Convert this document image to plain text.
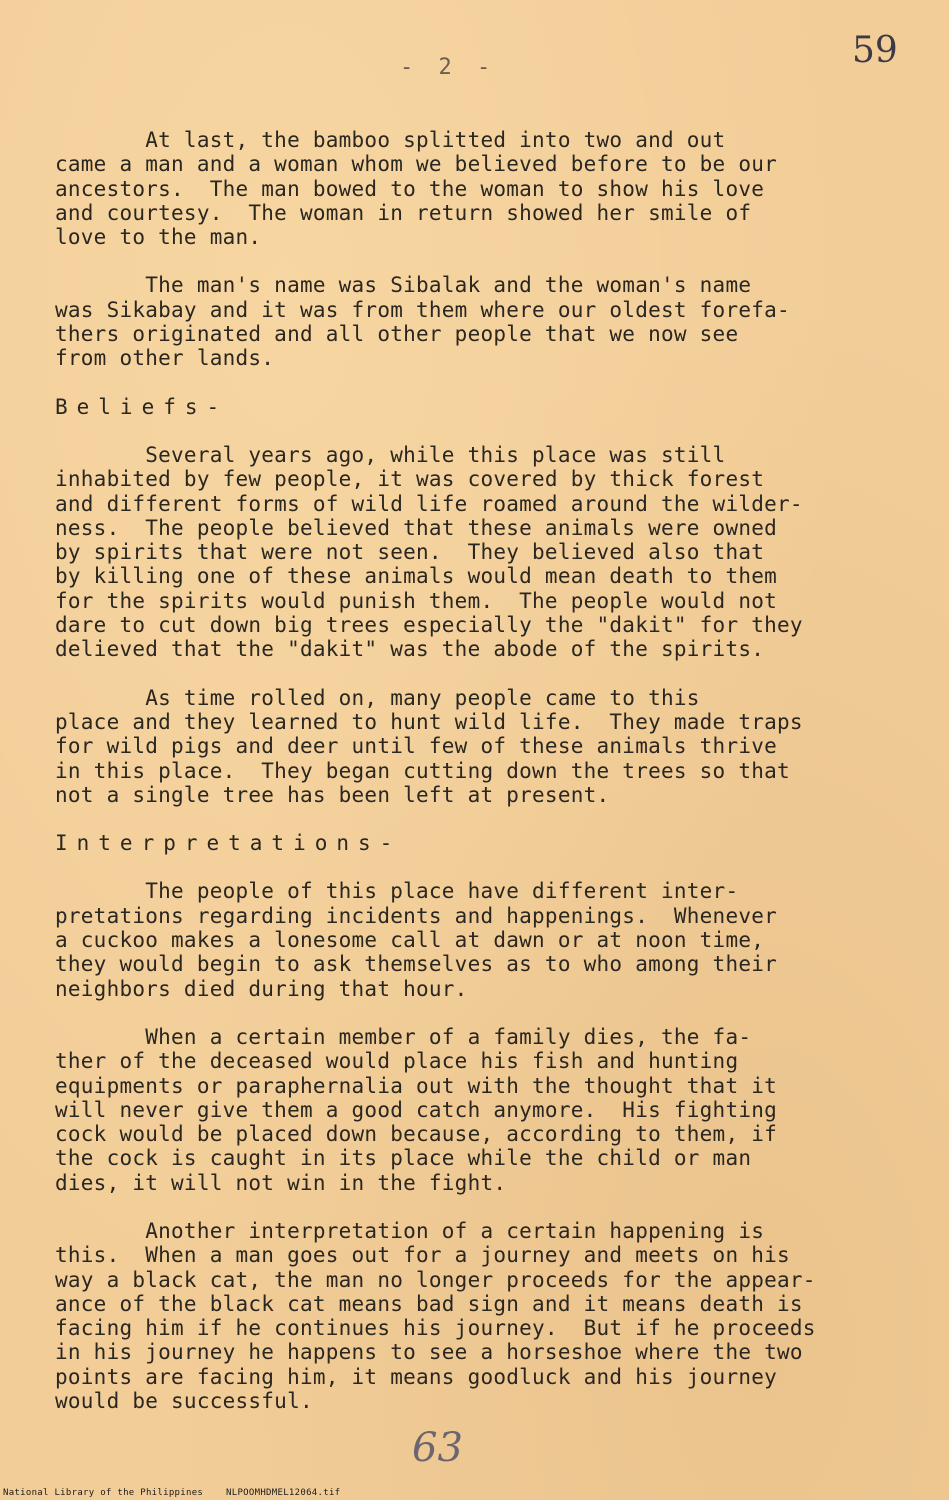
- 2 -	59

At last, the bamboo splitted into two and out
came a man and a woman whom we believed before to be our
ancestors.  The man bowed to the woman to show his love
and courtesy.  The woman in return showed her smile of
love to the man.

The man's name was Sibalak and the woman's name
was Sikabay and it was from them where our oldest forefa-
thers originated and all other people that we now see
from other lands.

Beliefs-

Several years ago, while this place was still
inhabited by few people, it was covered by thick forest
and different forms of wild life roamed around the wilder-
ness.  The people believed that these animals were owned
by spirits that were not seen.  They believed also that
by killing one of these animals would mean death to them
for the spirits would punish them.  The people would not
dare to cut down big trees especially the "dakit" for they
delieved that the "dakit" was the abode of the spirits.

As time rolled on, many people came to this
place and they learned to hunt wild life.  They made traps
for wild pigs and deer until few of these animals thrive
in this place.  They began cutting down the trees so that
not a single tree has been left at present.

Interpretations-

The people of this place have different inter-
pretations regarding incidents and happenings.  Whenever
a cuckoo makes a lonesome call at dawn or at noon time,
they would begin to ask themselves as to who among their
neighbors died during that hour.

When a certain member of a family dies, the fa-
ther of the deceased would place his fish and hunting
equipments or paraphernalia out with the thought that it
will never give them a good catch anymore.  His fighting
cock would be placed down because, according to them, if
the cock is caught in its place while the child or man
dies, it will not win in the fight.

Another interpretation of a certain happening is
this.  When a man goes out for a journey and meets on his
way a black cat, the man no longer proceeds for the appear-
ance of the black cat means bad sign and it means death is
facing him if he continues his journey.  But if he proceeds
in his journey he happens to see a horseshoe where the two
points are facing him, it means goodluck and his journey
would be successful.

63
National Library of the Philippines	NLPOOMHDMEL12064.tif
